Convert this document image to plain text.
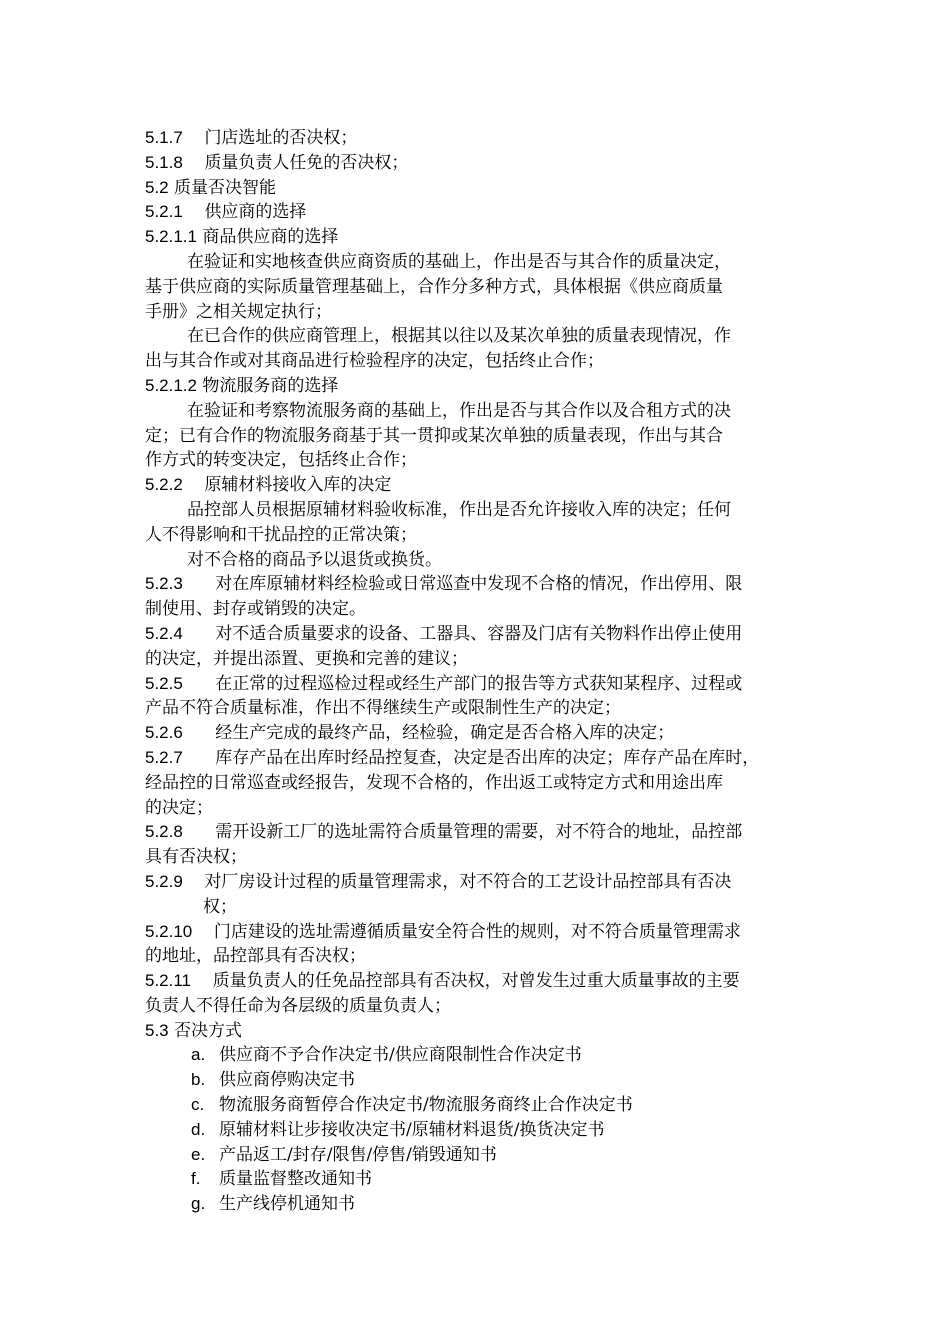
5.1.7 门店选址的否决权；
5.1.8 质量负责人任免的否决权；
5.2 质量否决智能
5.2.1 供应商的选择
5.2.1.1 商品供应商的选择
在验证和实地核查供应商资质的基础上，作出是否与其合作的质量决定，
基于供应商的实际质量管理基础上，合作分多种方式，具体根据《供应商质量
手册》之相关规定执行；
在已合作的供应商管理上，根据其以往以及某次单独的质量表现情况，作
出与其合作或对其商品进行检验程序的决定，包括终止合作；
5.2.1.2 物流服务商的选择
在验证和考察物流服务商的基础上，作出是否与其合作以及合租方式的决
定；已有合作的物流服务商基于其一贯抑或某次单独的质量表现，作出与其合
作方式的转变决定，包括终止合作；
5.2.2 原辅材料接收入库的决定
品控部人员根据原辅材料验收标准，作出是否允许接收入库的决定；任何
人不得影响和干扰品控的正常决策；
对不合格的商品予以退货或换货。
5.2.3 对在库原辅材料经检验或日常巡查中发现不合格的情况，作出停用、限
制使用、封存或销毁的决定。
5.2.4 对不适合质量要求的设备、工器具、容器及门店有关物料作出停止使用
的决定，并提出添置、更换和完善的建议；
5.2.5 在正常的过程巡检过程或经生产部门的报告等方式获知某程序、过程或
产品不符合质量标准，作出不得继续生产或限制性生产的决定；
5.2.6 经生产完成的最终产品，经检验，确定是否合格入库的决定；
5.2.7 库存产品在出库时经品控复查，决定是否出库的决定；库存产品在库时，
经品控的日常巡查或经报告，发现不合格的，作出返工或特定方式和用途出库
的决定；
5.2.8 需开设新工厂的选址需符合质量管理的需要，对不符合的地址，品控部
具有否决权；
5.2.9 对厂房设计过程的质量管理需求，对不符合的工艺设计品控部具有否决
权；
5.2.10 门店建设的选址需遵循质量安全符合性的规则，对不符合质量管理需求
的地址，品控部具有否决权；
5.2.11 质量负责人的任免品控部具有否决权，对曾发生过重大质量事故的主要
负责人不得任命为各层级的质量负责人；
5.3 否决方式
a. 供应商不予合作决定书/供应商限制性合作决定书
b. 供应商停购决定书
c. 物流服务商暂停合作决定书/物流服务商终止合作决定书
d. 原辅材料让步接收决定书/原辅材料退货/换货决定书
e. 产品返工/封存/限售/停售/销毁通知书
f.	质量监督整改通知书
g. 生产线停机通知书
